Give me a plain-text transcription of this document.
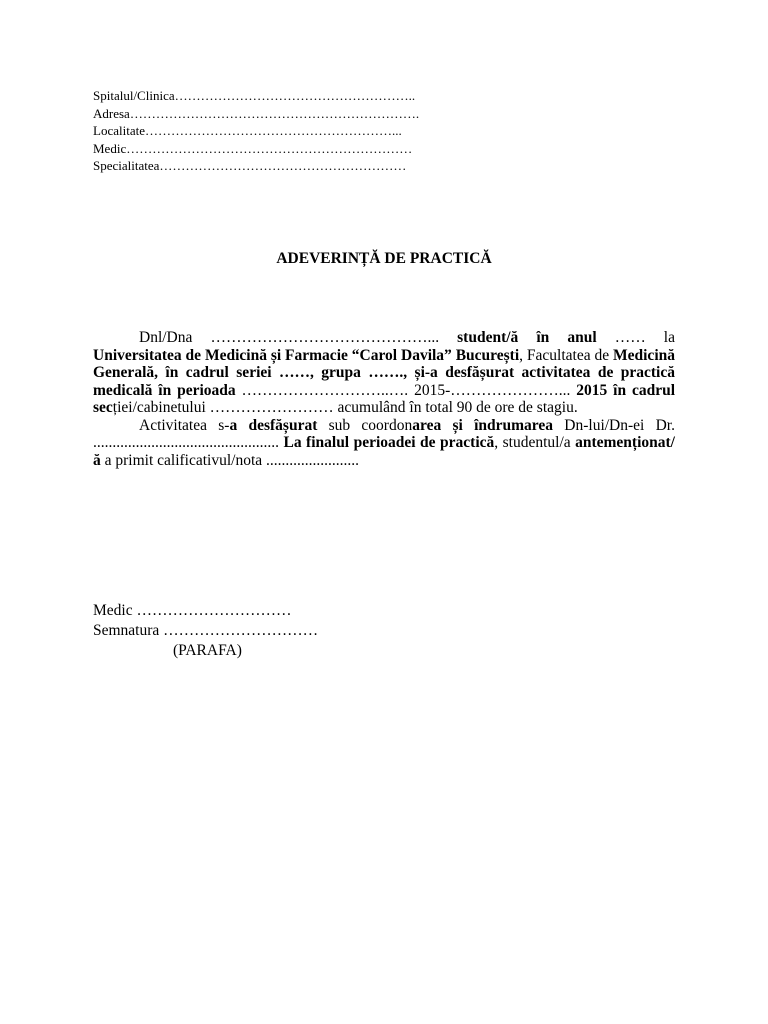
Spitalul/Clinica………………………………………………..
Adresa………………………………………………………….
Localitate…………………………………………………...
Medic…………………………………………………………
Specialitatea…………………………………………………
ADEVERINȚĂ DE PRACTICĂ

Dnl/Dna ……………………………………... student/ă în anul …… la Universitatea de Medicină și Farmacie “Carol Davila” București, Facultatea de Medicină Generală, în cadrul seriei ……, grupa ……., și-a desfășurat activitatea de practică medicală în perioada ………………………..…. 2015-…………………... 2015 în cadrul secției/cabinetului …………………… acumulând în total 90 de ore de stagiu.

Activitatea s-a desfășurat sub coordonarea și îndrumarea Dn-lui/Dn-ei Dr. ................................................ La finalul perioadei de practică, studentul/a antemenționat/ă a primit calificativul/nota ........................

Medic …………………………
Semnatura …………………………
(PARAFA)
